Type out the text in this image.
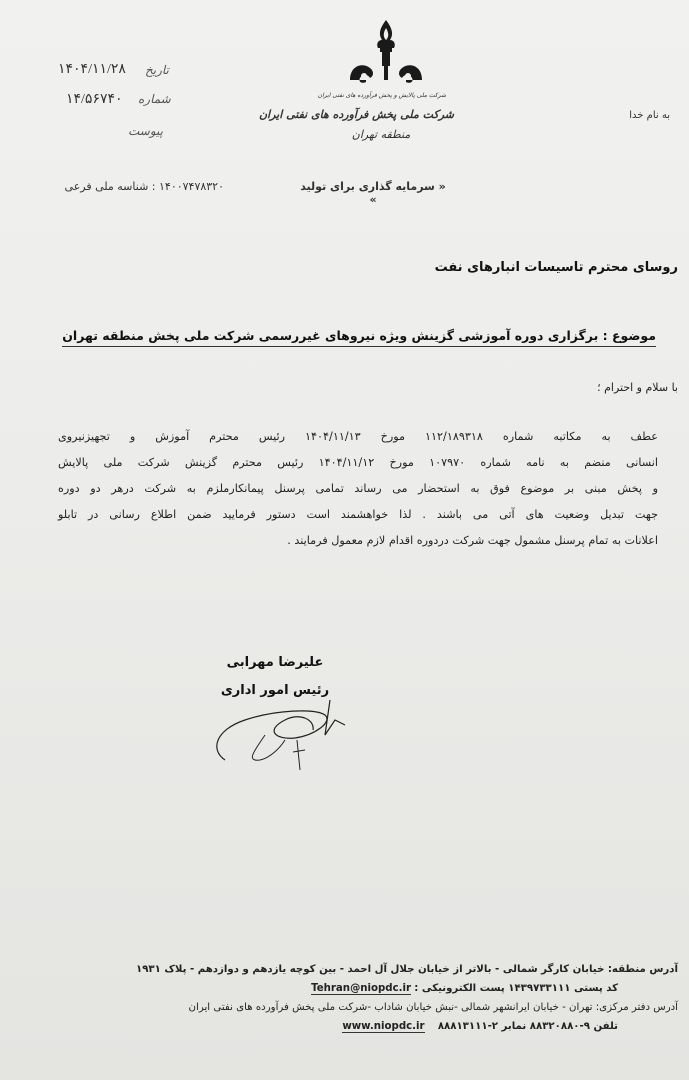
تاریخ
۱۴۰۴/۱۱/۲۸
شماره
۱۴/۵۶۷۴۰
پیوست
۱۴۰۰۷۴۷۸۳۲۰ : شناسه ملی فرعی
شرکت ملی پالایش و پخش فرآورده های نفتی ایران
شرکت ملی پخش فرآورده های نفتی ایران
منطقه تهران
« سرمایه گذاری برای تولید »
به نام خدا
روسای محترم تاسیسات انبارهای نفت
موضوع : برگزاری دوره آموزشی گزینش ویژه نیروهای غیررسمی شرکت ملی پخش منطقه تهران
با سلام و احترام ؛
عطف به مکاتبه شماره ۱۱۲/۱۸۹۳۱۸ مورخ ۱۴۰۴/۱۱/۱۳ رئیس محترم آموزش و تجهیزنیروی
انسانی منضم به نامه شماره ۱۰۷۹۷۰ مورخ ۱۴۰۴/۱۱/۱۲ رئیس محترم گزینش شرکت ملی پالایش
و پخش مبنی بر موضوع فوق به استحضار می رساند تمامی پرسنل پیمانکارملزم به شرکت درهر دو دوره
جهت تبدیل وضعیت های آتی می باشند . لذا خواهشمند است دستور فرمایید ضمن اطلاع رسانی در تابلو
اعلانات به تمام پرسنل مشمول جهت شرکت دردوره اقدام لازم معمول فرمایند .
علیرضا مهرابی
رئیس امور اداری
آدرس منطقه: خیابان کارگر شمالی - بالاتر از خیابان جلال آل احمد - بین کوچه یازدهم و دوازدهم - پلاک ۱۹۳۱
کد پستی ۱۴۳۹۷۳۳۱۱۱ پست الکترونیکی : Tehran@niopdc.ir
آدرس دفتر مرکزی: تهران - خیابان ایرانشهر شمالی -نبش خیابان شاداب -شرکت ملی پخش فرآورده های نفتی ایران
تلفن ۹-۸۸۳۲۰۸۸۰ نمابر ۲-۸۸۸۱۳۱۱۱ www.niopdc.ir
